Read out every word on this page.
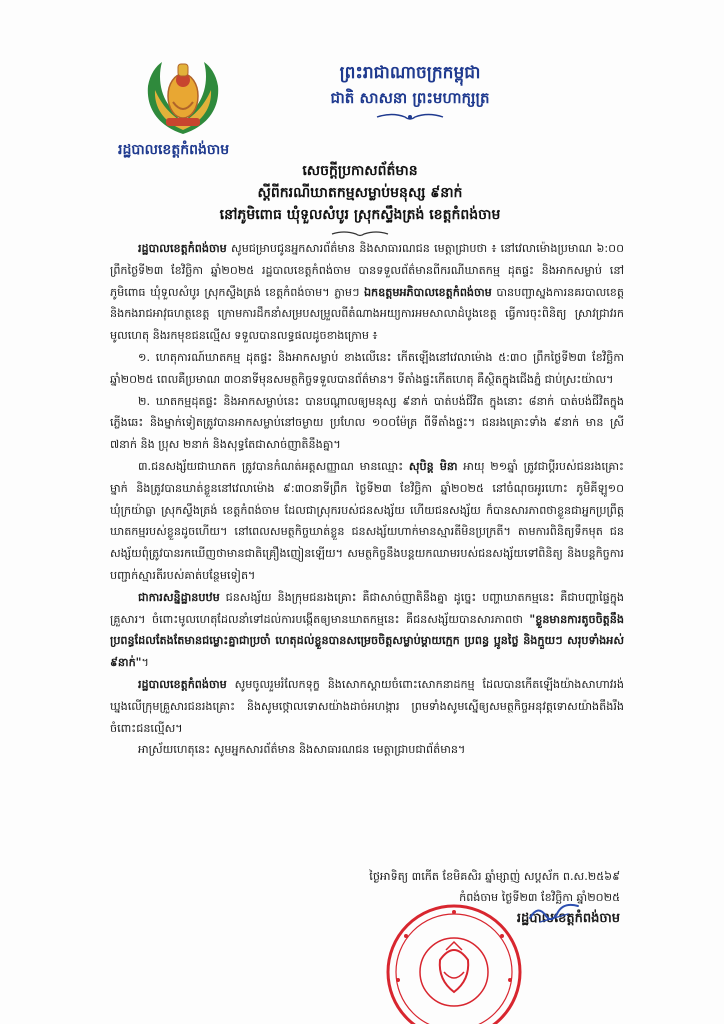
ព្រះរាជាណាចក្រកម្ពុជា
ជាតិ សាសនា ព្រះមហាក្សត្រ
រដ្ឋបាលខេត្តកំពង់ចាម
សេចក្តីប្រកាសព័ត៌មាន
ស្តីពីករណីឃាតកម្មសម្លាប់មនុស្ស ៩នាក់
នៅភូមិពោធ ឃុំទួលសំបូរ ស្រុកស្ទឹងត្រង់ ខេត្តកំពង់ចាម

រដ្ឋបាលខេត្តកំពង់ចាម សូមជម្រាបជូនអ្នកសារព័ត៌មាន និងសាធារណជន មេត្តាជ្រាបថា ៖ នៅវេលាម៉ោងប្រមាណ ៦:០០ ព្រឹកថ្ងៃទី២៣ ខែវិច្ឆិកា ឆ្នាំ២០២៥ រដ្ឋបាលខេត្តកំពង់ចាម បានទទួលព័ត៌មានពីករណីឃាតកម្ម ដុតផ្ទះ និងអាកសម្លាប់ នៅភូមិពោធ ឃុំទួលសំបូរ ស្រុកស្ទឹងត្រង់ ខេត្តកំពង់ចាម។ ភ្លាមៗ ឯកឧត្តមអភិបាលខេត្តកំពង់ចាម បានបញ្ជាស្នងការនគរបាលខេត្ត និងកងរាជអាវុធហត្ថខេត្ត ក្រោមការដឹកនាំសម្របសម្រួលពីតំណាងអយ្យការអមសាលាដំបូងខេត្ត ធ្វើការចុះពិនិត្យ ស្រាវជ្រាវរកមូលហេតុ និងរកមុខជនល្មើស ទទួលបានលទ្ធផលដូចខាងក្រោម ៖

១. ហេតុការណ៍ឃាតកម្ម ដុតផ្ទះ និងអាកសម្លាប់ ខាងលើនេះ កើតឡើងនៅវេលាម៉ោង ៥:៣០ ព្រឹកថ្ងៃទី២៣ ខែវិច្ឆិកា ឆ្នាំ២០២៥ ពេលគឺប្រមាណ ៣០នាទីមុនសមត្ថកិច្ចទទួលបានព័ត៌មាន។ ទីតាំងផ្ទះកើតហេតុ គឺស្ថិតក្នុងជើងភ្នំ ជាប់ស្រះយ៉ាល។

២. ឃាតកម្មដុតផ្ទះ និងអាកសម្លាប់នេះ បានបណ្តាលឲ្យមនុស្ស ៩នាក់ បាត់បង់ជីវិត ក្នុងនោះ ៨នាក់ បាត់បង់ជីវិតក្នុងភ្លើងឆេះ និងម្នាក់ទៀតត្រូវបានអាកសម្លាប់នៅចម្ងាយ ប្រហែល ១០០ម៉ែត្រ ពីទីតាំងផ្ទះ។ ជនរងគ្រោះទាំង ៩នាក់ មាន ស្រី ៧នាក់ និង ប្រុស ២នាក់ និងសុទ្ធតែជាសាច់ញាតិនឹងគ្នា។

៣.ជនសង្ស័យជាឃាតក ត្រូវបានកំណត់អត្តសញ្ញាណ មានឈ្មោះ សុបិន្ត មិនា អាយុ ២១ឆ្នាំ ត្រូវជាប្តីរបស់ជនរងគ្រោះម្នាក់ និងត្រូវបានឃាត់ខ្លួននៅវេលាម៉ោង ៩:៣០នាទីព្រឹក ថ្ងៃទី២៣ ខែវិច្ឆិកា ឆ្នាំ២០២៥ នៅចំណុចអូរហោះ ភូមិគីឡូ១០ ឃុំក្រយ៉ាធ្លា ស្រុកស្ទឹងត្រង់ ខេត្តកំពង់ចាម ដែលជាស្រុករបស់ជនសង្ស័យ ហើយជនសង្ស័យ ក៏បានសារភាពថាខ្លួនជាអ្នកប្រព្រឹត្តឃាតកម្មរបស់ខ្លួនដូចហើយ។ នៅពេលសមត្ថកិច្ចឃាត់ខ្លួន ជនសង្ស័យហាក់មានស្មារតីមិនប្រក្រតី។ តាមការពិនិត្យទឹកមុត ជនសង្ស័យពុំត្រូវបានរកឃើញថាមានជាតិគ្រឿងញៀនឡើយ។ សមត្ថកិច្ចនឹងបន្តយកឈាមរបស់ជនសង្ស័យទៅពិនិត្យ និងបន្តកិច្ចការបញ្ជាក់ស្មារតីរបស់គាត់បន្ថែមទៀត។

ជាការសន្និដ្ឋានបឋម ជនសង្ស័យ និងក្រុមជនរងគ្រោះ គឺជាសាច់ញាតិនឹងគ្នា ដូច្នេះ បញ្ហាឃាតកម្មនេះ គឺជាបញ្ហាផ្ទៃក្នុងគ្រួសារ។ ចំពោះមូលហេតុដែលនាំទៅដល់ការបង្កើតឲ្យមានឃាតកម្មនេះ គឺជនសង្ស័យបានសារភាពថា "ខ្លួនមានការតូចចិត្តនឹងប្រពន្ធដែលតែងតែមានជម្លោះគ្នាជាប្រចាំ ហេតុដល់ខ្លួនបានសម្រេចចិត្តសម្លាប់ម្ដាយក្មេក ប្រពន្ធ ប្អូនថ្លៃ និងក្មួយៗ សរុបទាំងអស់ ៩នាក់"។

រដ្ឋបាលខេត្តកំពង់ចាម សូមចូលរួមរំលែកទុក្ខ និងសោកស្តាយចំពោះសោកនាដកម្ម ដែលបានកើតឡើងយ៉ាងសាហាវរង់ឃ្នងលើក្រុមគ្រួសារជនរងគ្រោះ និងសូមថ្កោលទោសយ៉ាងដាច់អហង្ការ ព្រមទាំងសូមស្នើឲ្យសមត្ថកិច្ចអនុវត្តទោសយ៉ាងតឹងរឹងចំពោះជនល្មើស។

អាស្រ័យហេតុនេះ សូមអ្នកសារព័ត៌មាន និងសាធារណជន មេត្តាជ្រាបជាព័ត៌មាន។

ថ្ងៃអាទិត្យ ៣កើត ខែមិគសិរ ឆ្នាំម្សាញ់ សប្តស័ក ព.ស.២៥៦៩
កំពង់ចាម ថ្ងៃទី២៣ ខែវិច្ឆិកា ឆ្នាំ២០២៥
រដ្ឋបាលខេត្តកំពង់ចាម
